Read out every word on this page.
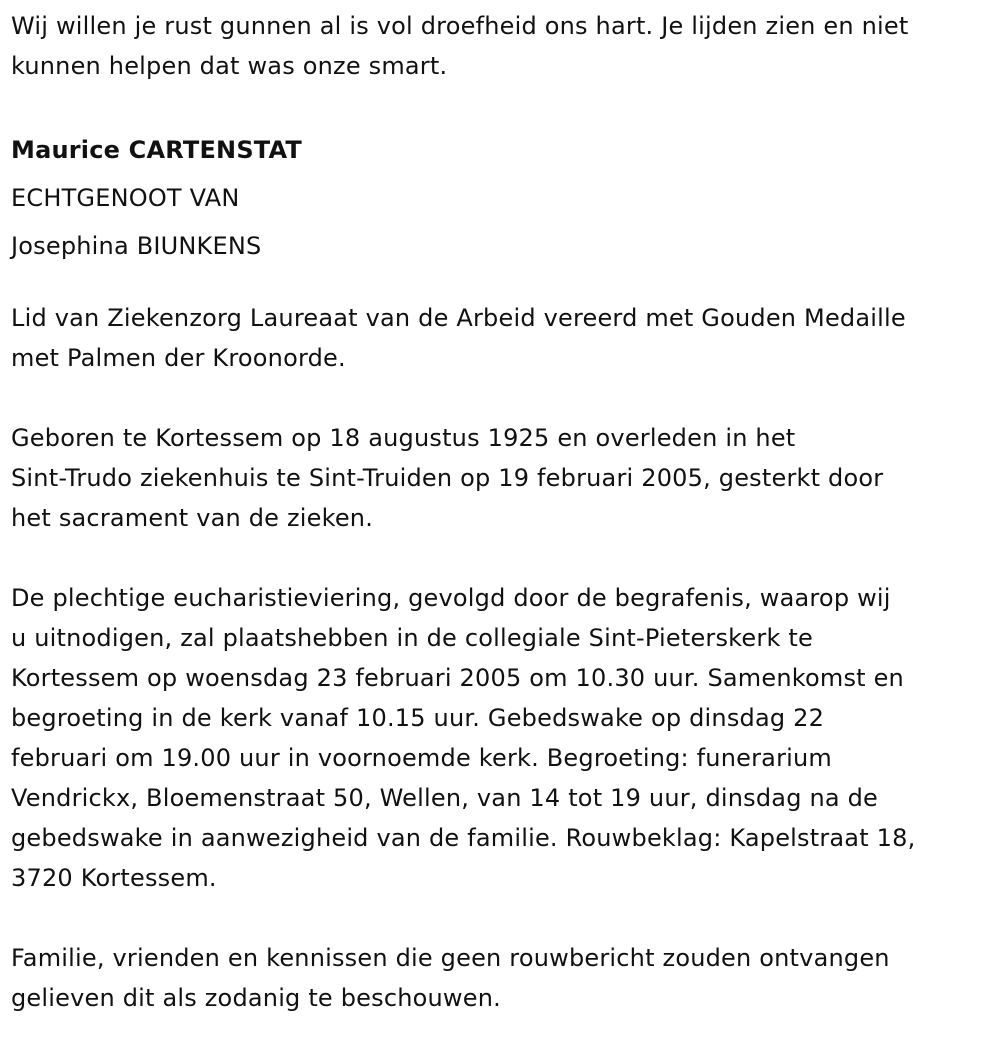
Wij willen je rust gunnen al is vol droefheid ons hart. Je lijden zien en niet
kunnen helpen dat was onze smart.

Maurice CARTENSTAT

ECHTGENOOT VAN

Josephina BIUNKENS

Lid van Ziekenzorg Laureaat van de Arbeid vereerd met Gouden Medaille
met Palmen der Kroonorde.

Geboren te Kortessem op 18 augustus 1925 en overleden in het
Sint-Trudo ziekenhuis te Sint-Truiden op 19 februari 2005, gesterkt door
het sacrament van de zieken.

De plechtige eucharistieviering, gevolgd door de begrafenis, waarop wij
u uitnodigen, zal plaatshebben in de collegiale Sint-Pieterskerk te
Kortessem op woensdag 23 februari 2005 om 10.30 uur. Samenkomst en
begroeting in de kerk vanaf 10.15 uur. Gebedswake op dinsdag 22
februari om 19.00 uur in voornoemde kerk. Begroeting: funerarium
Vendrickx, Bloemenstraat 50, Wellen, van 14 tot 19 uur, dinsdag na de
gebedswake in aanwezigheid van de familie. Rouwbeklag: Kapelstraat 18,
3720 Kortessem.

Familie, vrienden en kennissen die geen rouwbericht zouden ontvangen
gelieven dit als zodanig te beschouwen.
